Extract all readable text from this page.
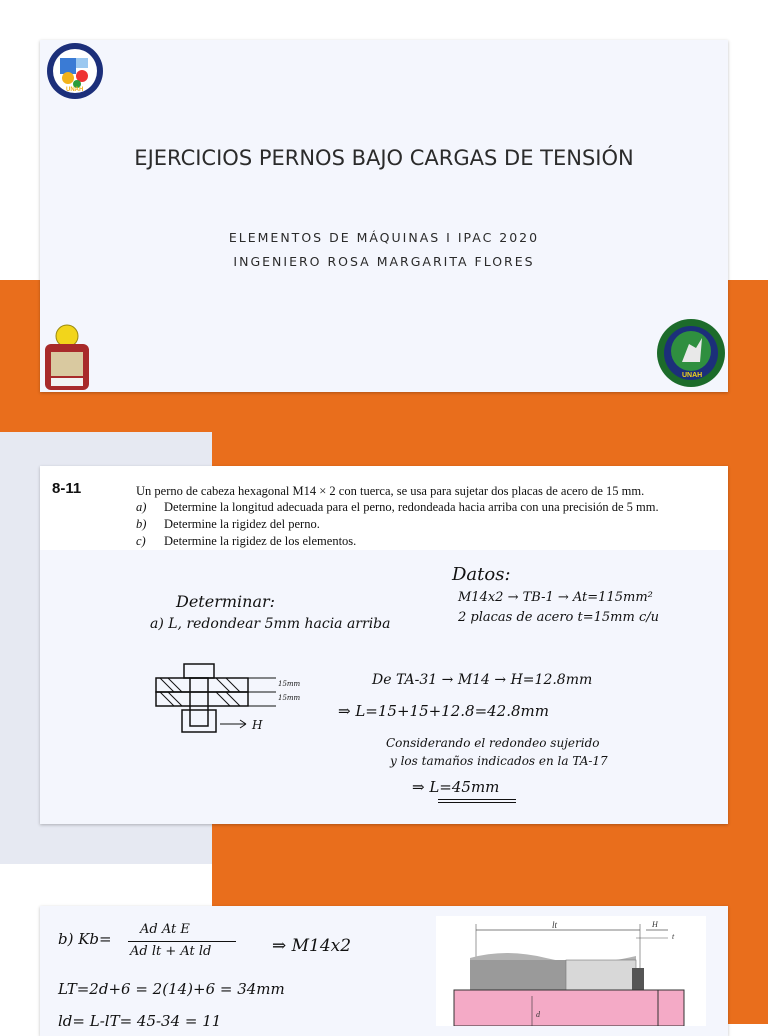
UNAH
EJERCICIOS PERNOS BAJO CARGAS DE TENSIÓN
ELEMENTOS DE MÁQUINAS I IPAC 2020
INGENIERO ROSA MARGARITA FLORES
UNAH
8-11	Un perno de cabeza hexagonal M14 × 2 con tuerca, se usa para sujetar dos placas de acero de 15 mm.
a) Determine la longitud adecuada para el perno, redondeada hacia arriba con una precisión de 5 mm.
b) Determine la rigidez del perno.
c) Determine la rigidez de los elementos.
Datos:
M14x2 → TB-1 → At=115mm²
2 placas de acero t=15mm c/u
Determinar:
a) L, redondear 5mm hacia arriba
15mm
15mm
H
De TA-31 → M14 → H=12.8mm
⇒ L=15+15+12.8=42.8mm
Considerando el redondeo sujerido
y los tamaños indicados en la TA-17
⇒ L=45mm
b) Kb=
Ad At E
Ad lt + At ld	⇒ M14x2
LT=2d+6 = 2(14)+6 = 34mm
ld= L-lT= 45-34 = 11
lt	H
t
d
